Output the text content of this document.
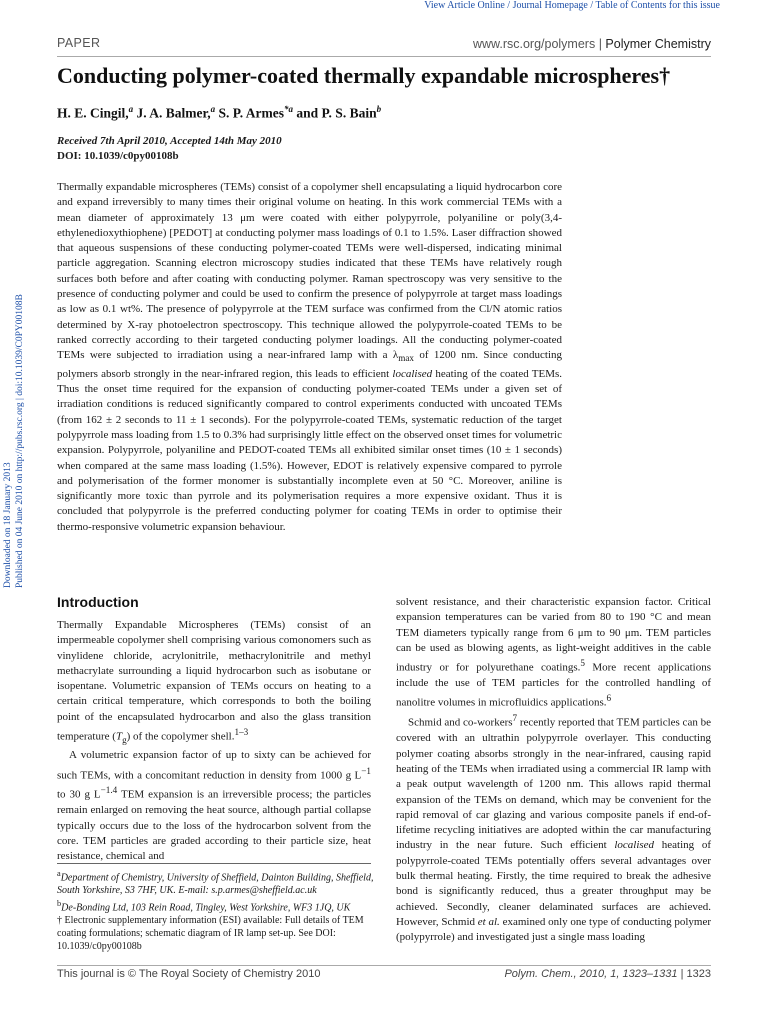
View Article Online / Journal Homepage / Table of Contents for this issue
PAPER	www.rsc.org/polymers | Polymer Chemistry
Conducting polymer-coated thermally expandable microspheres†
H. E. Cingil,$^a$ J. A. Balmer,$^a$ S. P. Armes$^{*a}$ and P. S. Bain$^b$
Received 7th April 2010, Accepted 14th May 2010
DOI: 10.1039/c0py00108b
Downloaded on 18 January 2013 Published on 04 June 2010 on http://pubs.rsc.org | doi:10.1039/C0PY00108B

Thermally expandable microspheres (TEMs) consist of a copolymer shell encapsulating a liquid hydrocarbon core and expand irreversibly to many times their original volume on heating. In this work commercial TEMs with a mean diameter of approximately 13 μm were coated with either polypyrrole, polyaniline or poly(3,4-ethylenedioxythiophene) [PEDOT] at conducting polymer mass loadings of 0.1 to 1.5%. Laser diffraction showed that aqueous suspensions of these conducting polymer-coated TEMs were well-dispersed, indicating minimal particle aggregation. Scanning electron microscopy studies indicated that these TEMs have relatively rough surfaces both before and after coating with conducting polymer. Raman spectroscopy was very sensitive to the presence of conducting polymer and could be used to confirm the presence of polypyrrole at target mass loadings as low as 0.1 wt%. The presence of polypyrrole at the TEM surface was confirmed from the Cl/N atomic ratios determined by X-ray photoelectron spectroscopy. This technique allowed the polypyrrole-coated TEMs to be ranked correctly according to their targeted conducting polymer loadings. All the conducting polymer-coated TEMs were subjected to irradiation using a near-infrared lamp with a $\lambda_{max}$ of 1200 nm. Since conducting polymers absorb strongly in the near-infrared region, this leads to efficient localised heating of the coated TEMs. Thus the onset time required for the expansion of conducting polymer-coated TEMs under a given set of irradiation conditions is reduced significantly compared to control experiments conducted with uncoated TEMs (from 162 ± 2 seconds to 11 ± 1 seconds). For the polypyrrole-coated TEMs, systematic reduction of the target polypyrrole mass loading from 1.5 to 0.3% had surprisingly little effect on the observed onset times for volumetric expansion. Polypyrrole, polyaniline and PEDOT-coated TEMs all exhibited similar onset times (10 ± 1 seconds) when compared at the same mass loading (1.5%). However, EDOT is relatively expensive compared to pyrrole and polymerisation of the former monomer is substantially incomplete even at 50 °C. Moreover, aniline is significantly more toxic than pyrrole and its polymerisation requires a more expensive oxidant. Thus it is concluded that polypyrrole is the preferred conducting polymer for coating TEMs in order to optimise their thermo-responsive volumetric expansion behaviour.

Introduction

Thermally Expandable Microspheres (TEMs) consist of an impermeable copolymer shell comprising various comonomers such as vinylidene chloride, acrylonitrile, methacrylonitrile and methyl methacrylate surrounding a liquid hydrocarbon such as isobutane or isopentane. Volumetric expansion of TEMs occurs on heating to a certain critical temperature, which corresponds to both the boiling point of the encapsulated hydrocarbon and also the glass transition temperature $(T_g)$ of the copolymer shell.$^{1-3}$

A volumetric expansion factor of up to sixty can be achieved for such TEMs, with a concomitant reduction in density from 1000 g $L^{-1}$ to 30 g $L^{-1.4}$ TEM expansion is an irreversible process; the particles remain enlarged on removing the heat source, although partial collapse typically occurs due to the loss of the hydrocarbon solvent from the core. TEM particles are graded according to their particle size, heat resistance, chemical and

solvent resistance, and their characteristic expansion factor. Critical expansion temperatures can be varied from 80 to 190 °C and mean TEM diameters typically range from 6 μm to 90 μm. TEM particles can be used as blowing agents, as light-weight additives in the cable industry or for polyurethane coatings.$^5$ More recent applications include the use of TEM particles for the controlled handling of nanolitre volumes in microfluidics applications.$^6$

Schmid and co-workers$^7$ recently reported that TEM particles can be covered with an ultrathin polypyrrole overlayer. This conducting polymer coating absorbs strongly in the near-infrared, causing rapid heating of the TEMs when irradiated using a commercial IR lamp with a peak output wavelength of 1200 nm. This allows rapid thermal expansion of the TEMs on demand, which may be convenient for the rapid removal of car glazing and various composite panels if end-of-lifetime recycling initiatives are adopted within the car manufacturing industry in the near future. Such efficient localised heating of polypyrrole-coated TEMs potentially offers several advantages over bulk thermal heating. Firstly, the time required to break the adhesive bond is significantly reduced, thus a greater throughput may be achieved. Secondly, cleaner delaminated surfaces are achieved. However, Schmid et al. examined only one type of conducting polymer (polypyrrole) and investigated just a single mass loading

$^a$Department of Chemistry, University of Sheffield, Dainton Building, Sheffield, South Yorkshire, S3 7HF, UK. E-mail: s.p.armes@sheffield.ac.uk

$^b$De-Bonding Ltd, 103 Rein Road, Tingley, West Yorkshire, WF3 1JQ, UK

† Electronic supplementary information (ESI) available: Full details of TEM coating formulations; schematic diagram of IR lamp set-up. See DOI: 10.1039/c0py00108b

This journal is © The Royal Society of Chemistry 2010	Polym. Chem., 2010, 1, 1323–1331 | 1323
